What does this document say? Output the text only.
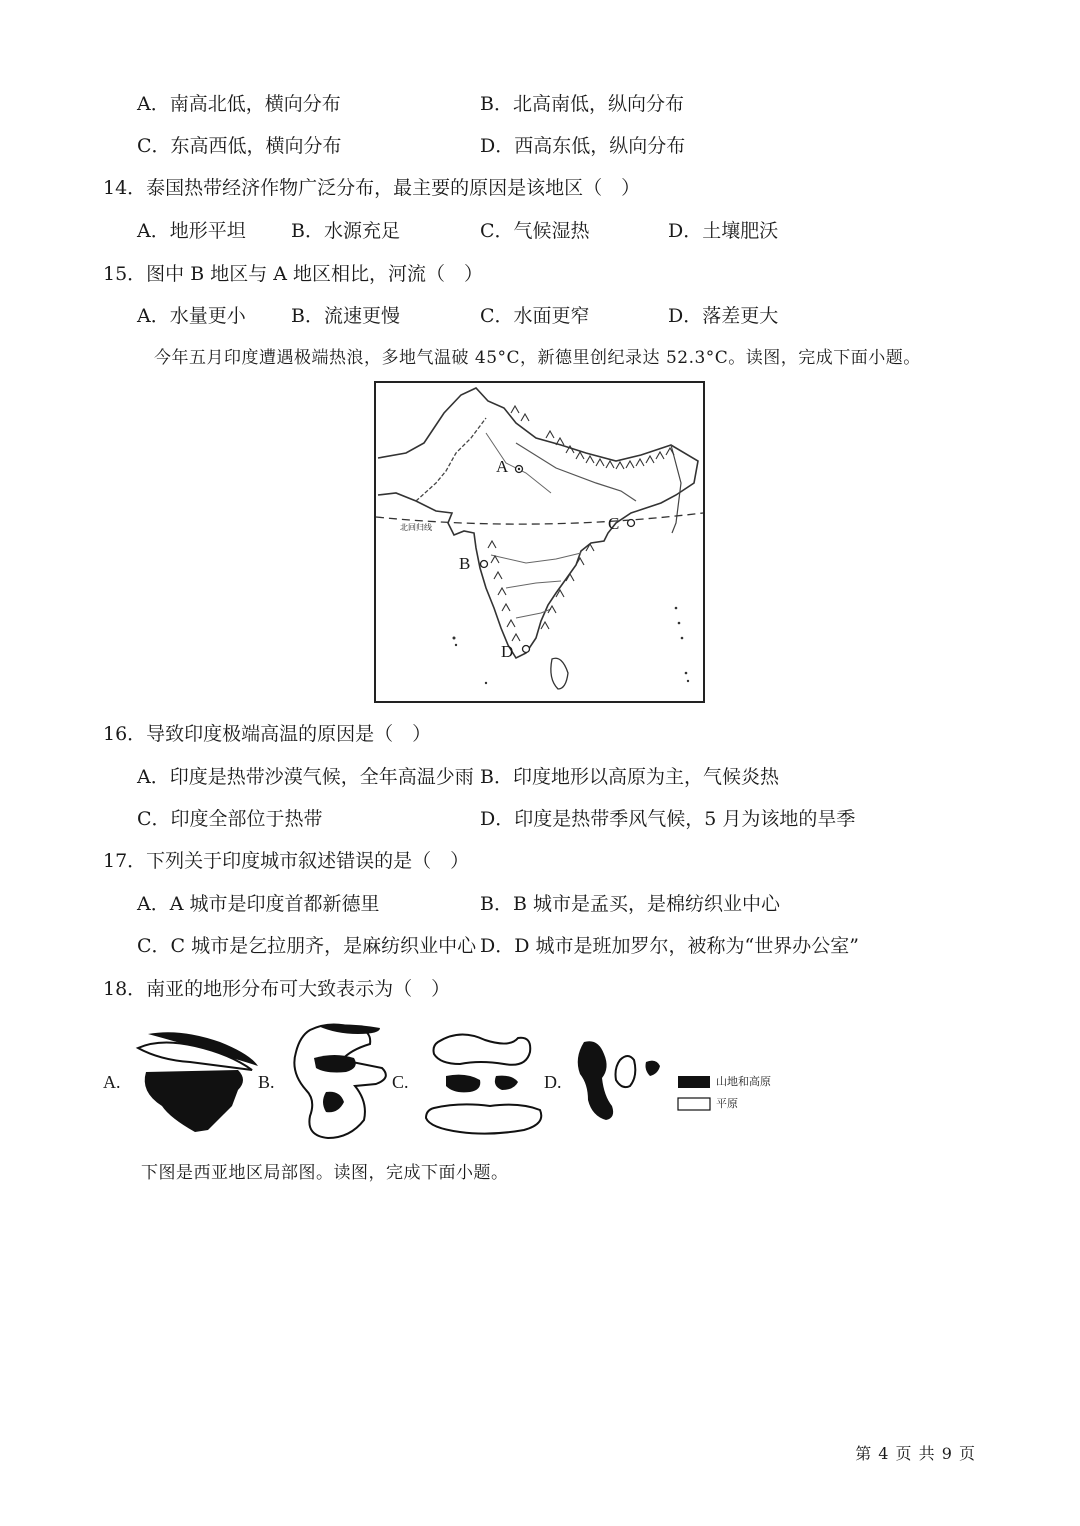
A．南高北低，横向分布	B．北高南低，纵向分布
C．东高西低，横向分布	D．西高东低，纵向分布
14．泰国热带经济作物广泛分布，最主要的原因是该地区（　）
A．地形平坦 B．水源充足	C．气候湿热	D．土壤肥沃
15．图中 B 地区与 A 地区相比，河流（　）
A．水量更小 B．流速更慢	C．水面更窄	D．落差更大
今年五月印度遭遇极端热浪，多地气温破 45°C，新德里创纪录达 52.3°C。读图，完成下面小题。
A
B
C
D
北回归线
16．导致印度极端高温的原因是（　）
A．印度是热带沙漠气候，全年高温少雨 B．印度地形以高原为主，气候炎热
C．印度全部位于热带	D．印度是热带季风气候，5 月为该地的旱季
17．下列关于印度城市叙述错误的是（　）
A．A 城市是印度首都新德里	B．B 城市是孟买，是棉纺织业中心
C．C 城市是乞拉朋齐，是麻纺织业中心 D．D 城市是班加罗尔，被称为“世界办公室”
18．南亚的地形分布可大致表示为（　）
A.	B.	C.	D.	山地和高原
平原
下图是西亚地区局部图。读图，完成下面小题。
第 4 页 共 9 页
